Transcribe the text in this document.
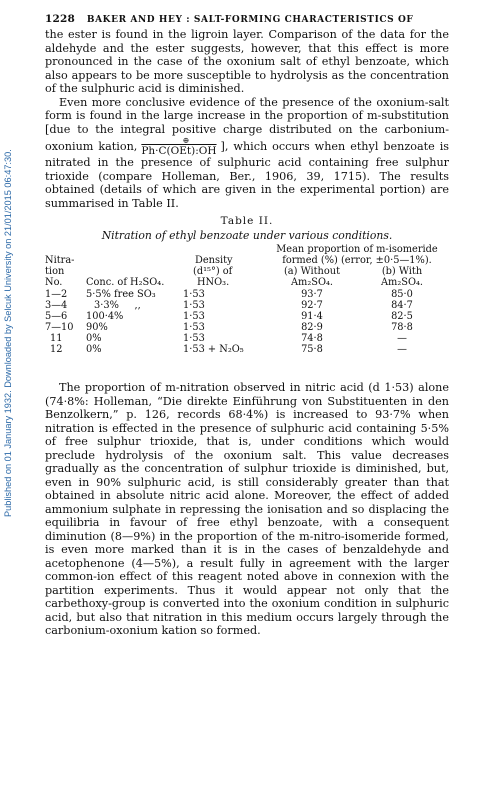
Published on 01 January 1932. Downloaded by Selcuk University on 21/01/2015 06:47:30.
1228 BAKER AND HEY : SALT-FORMING CHARACTERISTICS OF

the ester is found in the ligroin layer. Comparison of the data for the aldehyde and the ester suggests, however, that this effect is more pronounced in the case of the oxonium salt of ethyl benzoate, which also appears to be more susceptible to hydrolysis as the concentration of the sulphuric acid is diminished.

Even more conclusive evidence of the presence of the oxonium-salt form is found in the large increase in the proportion of m-substitution [due to the integral positive charge distributed on the carbonium-oxonium kation,	⊕
Ph·C(OEt):OH ], which occurs when ethyl benzoate is nitrated in the presence of sulphuric acid containing free sulphur trioxide (compare Holleman, Ber., 1906, 39, 1715). The results obtained (details of which are given in the experimental portion) are summarised in Table II.

Table II.
Nitration of ethyl benzoate under various conditions.
Mean proportion of m-isomeride
formed (%) (error, ±0·5—1%).
Nitra-	Density
tion	(d¹⁵°) of	(a) Without	(b) With
No. Conc. of H₂SO₄.	HNO₃.	Am₂SO₄.	Am₂SO₄.
1—2 5·5% free SO₃	1·53	93·7	85·0
3—4	3·3%     ,,	1·53	92·7	84·7
5—6 100·4%	1·53	91·4	82·5
7—10 90%	1·53	82·9	78·8
11 0%	1·53	74·8	—
12 0%	1·53 + N₂O₅	75·8	—

The proportion of m-nitration observed in nitric acid (d 1·53) alone (74·8%: Holleman, “Die direkte Einführung von Substituenten in den Benzolkern,” p. 126, records 68·4%) is increased to 93·7% when nitration is effected in the presence of sulphuric acid containing 5·5% of free sulphur trioxide, that is, under conditions which would preclude hydrolysis of the oxonium salt. This value decreases gradually as the concentration of sulphur trioxide is diminished, but, even in 90% sulphuric acid, is still considerably greater than that obtained in absolute nitric acid alone. Moreover, the effect of added ammonium sulphate in repressing the ionisation and so displacing the equilibria in favour of free ethyl benzoate, with a consequent diminution (8—9%) in the proportion of the m-nitro-isomeride formed, is even more marked than it is in the cases of benzaldehyde and acetophenone (4—5%), a result fully in agreement with the larger common-ion effect of this reagent noted above in connexion with the partition experiments. Thus it would appear not only that the carbethoxy-group is converted into the oxonium condition in sulphuric acid, but also that nitration in this medium occurs largely through the carbonium-oxonium kation so formed.
